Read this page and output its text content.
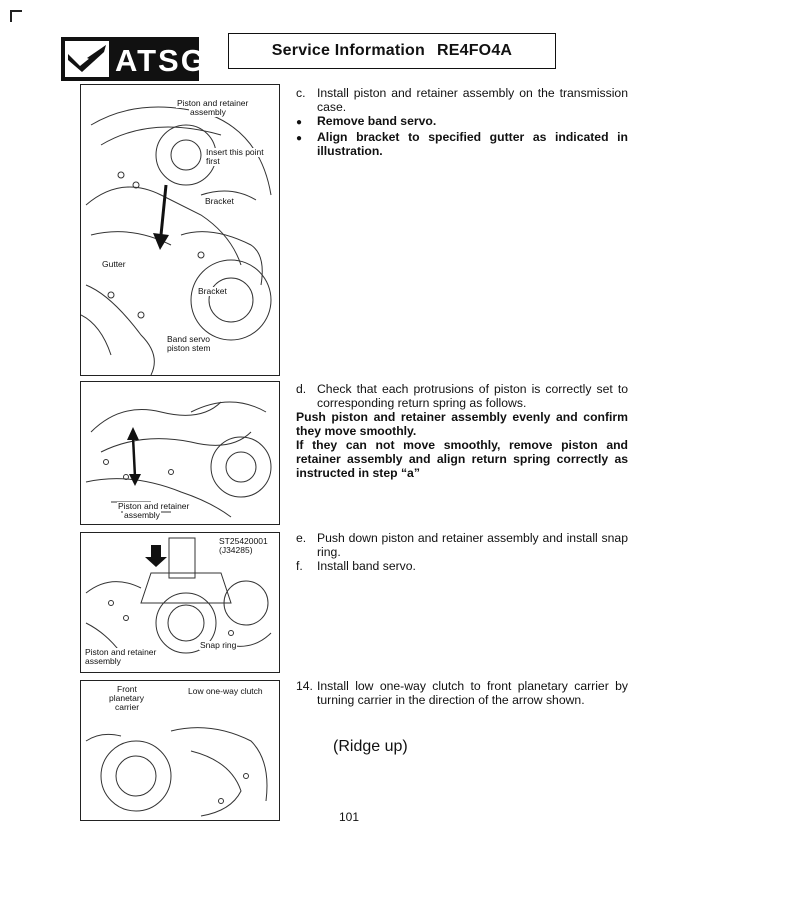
ATSG	Service Information RE4FO4A
Piston and retainer
assembly
Insert this point
first
Bracket
Gutter
Bracket
Band servo
piston stem
Piston and retainer
assembly
ST25420001
(J34285)
Snap ring
Piston and retainer
assembly
Front
planetary
carrier
Low one-way clutch
c. Install piston and retainer assembly on the transmission case.
●
Remove band servo.
●
Align bracket to specified gutter as indicated in illustration.
d. Check that each protrusions of piston is correctly set to corresponding return spring as follows.
Push piston and retainer assembly evenly and confirm they move smoothly.
If they can not move smoothly, remove piston and retainer assembly and align return spring correctly as instructed in step “a”
e. Push down piston and retainer assembly and install snap ring.
f.	Install band servo.
14. Install low one-way clutch to front planetary carrier by turning carrier in the direction of the arrow shown.
(Ridge up)
101
